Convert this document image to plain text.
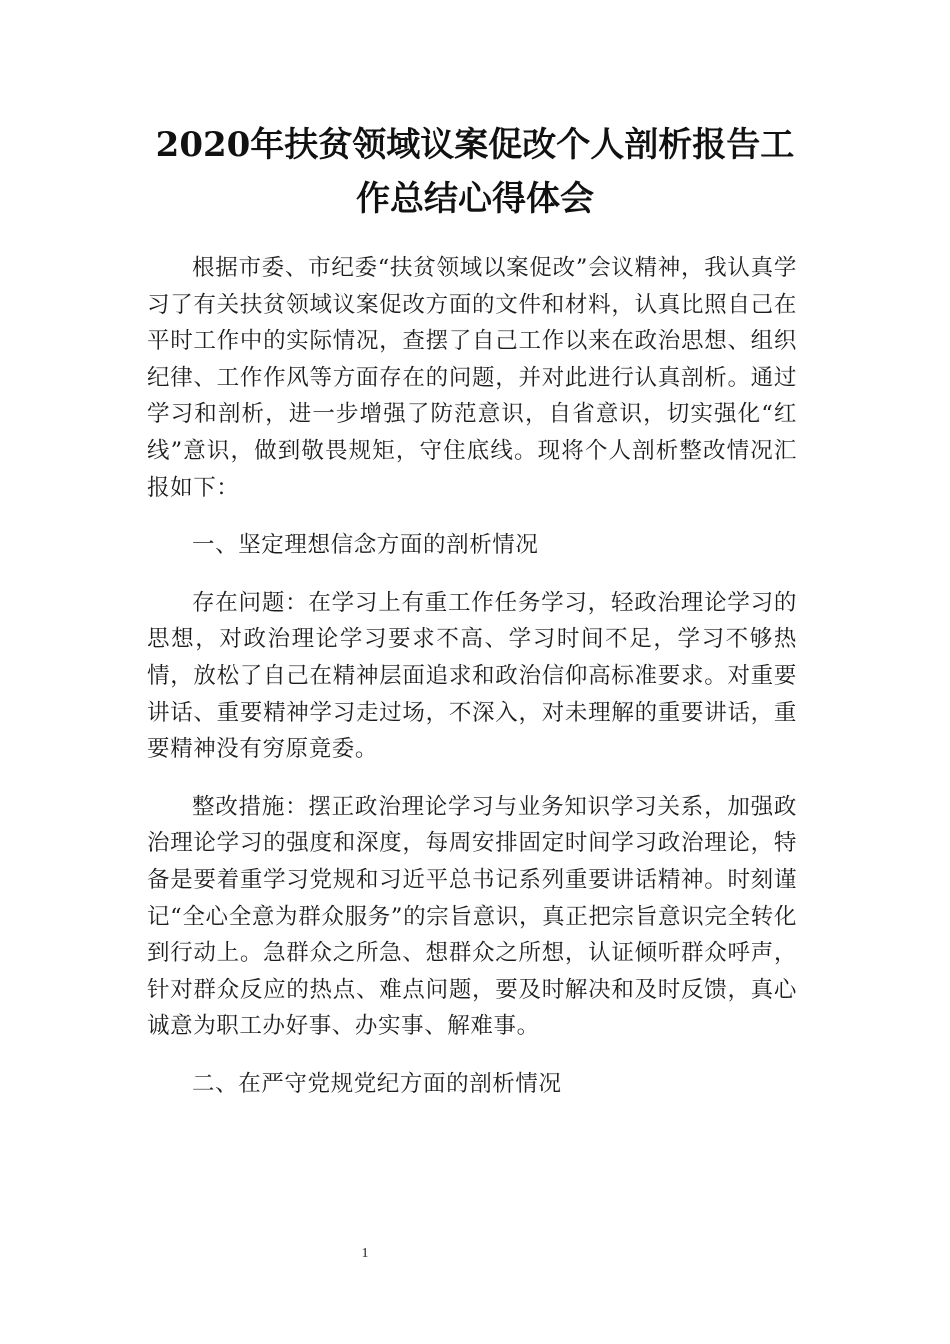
2020年扶贫领域议案促改个人剖析报告工作总结心得体会

根据市委、市纪委“扶贫领域以案促改”会议精神，我认真学习了有关扶贫领域议案促改方面的文件和材料，认真比照自己在平时工作中的实际情况，查摆了自己工作以来在政治思想、组织纪律、工作作风等方面存在的问题，并对此进行认真剖析。通过学习和剖析，进一步增强了防范意识，自省意识，切实强化“红线”意识，做到敬畏规矩，守住底线。现将个人剖析整改情况汇报如下：

一、坚定理想信念方面的剖析情况

存在问题：在学习上有重工作任务学习，轻政治理论学习的思想，对政治理论学习要求不高、学习时间不足，学习不够热情，放松了自己在精神层面追求和政治信仰高标准要求。对重要讲话、重要精神学习走过场，不深入，对未理解的重要讲话，重要精神没有穷原竟委。

整改措施：摆正政治理论学习与业务知识学习关系，加强政治理论学习的强度和深度，每周安排固定时间学习政治理论，特备是要着重学习党规和习近平总书记系列重要讲话精神。时刻谨记“全心全意为群众服务”的宗旨意识，真正把宗旨意识完全转化到行动上。急群众之所急、想群众之所想，认证倾听群众呼声，针对群众反应的热点、难点问题，要及时解决和及时反馈，真心诚意为职工办好事、办实事、解难事。

二、在严守党规党纪方面的剖析情况

1
